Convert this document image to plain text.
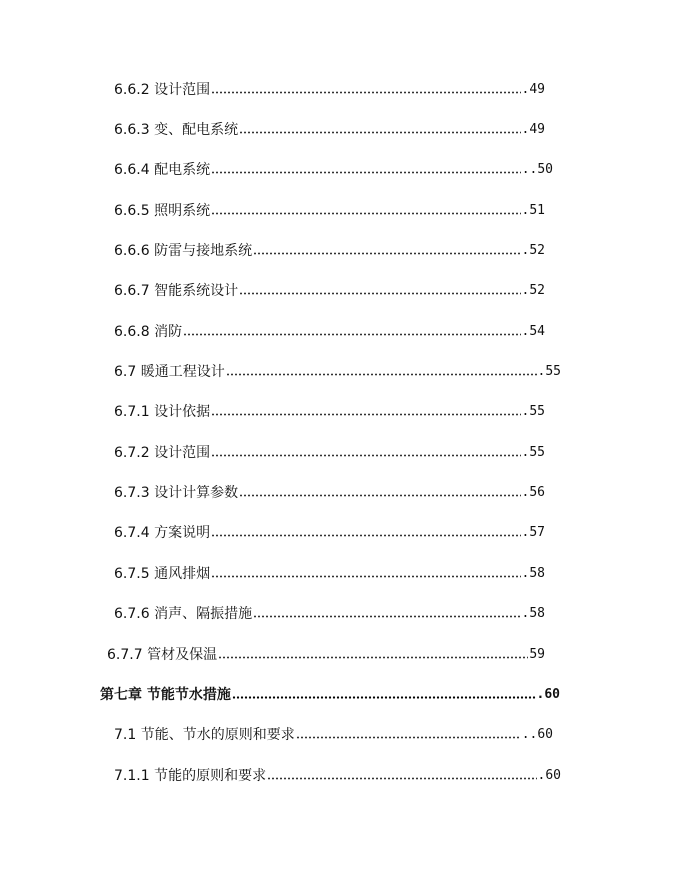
6.6.2 设计范围	.49
6.6.3 变、配电系统	.49
6.6.4 配电系统	..50
6.6.5 照明系统	.51
6.6.6 防雷与接地系统	.52
6.6.7 智能系统设计	.52
6.6.8 消防	.54
6.7 暖通工程设计	.55
6.7.1 设计依据	.55
6.7.2 设计范围	.55
6.7.3 设计计算参数	.56
6.7.4 方案说明	.57
6.7.5 通风排烟	.58
6.7.6 消声、隔振措施	.58
6.7.7 管材及保温	59
第七章 节能节水措施	.60
7.1 节能、节水的原则和要求	..60
7.1.1 节能的原则和要求	.60
